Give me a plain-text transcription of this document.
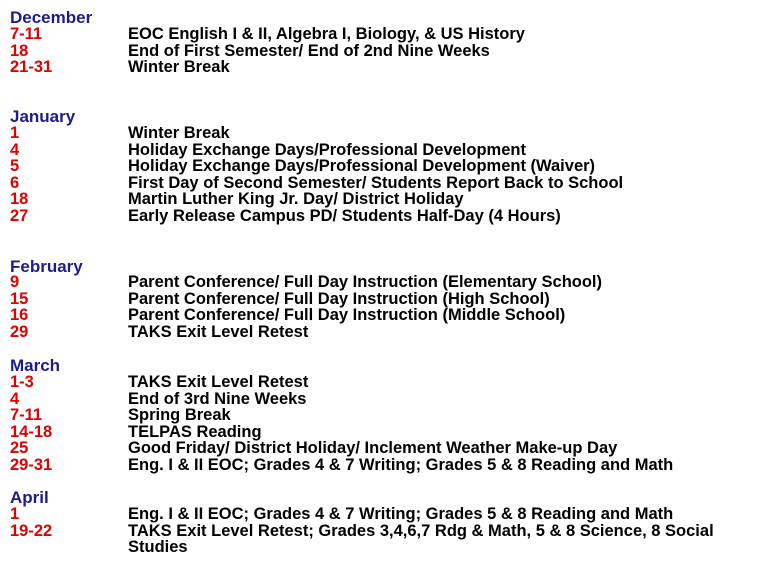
December
7-11	EOC English I & II, Algebra I, Biology, & US History
18	End of First Semester/ End of 2nd Nine Weeks
21-31	Winter Break
January
1	Winter Break
4	Holiday Exchange Days/Professional Development
5	Holiday Exchange Days/Professional Development (Waiver)
6	First Day of Second Semester/ Students Report Back to School
18	Martin Luther King Jr. Day/ District Holiday
27	Early Release Campus PD/ Students Half-Day (4 Hours)
February
9	Parent Conference/ Full Day Instruction (Elementary School)
15	Parent Conference/ Full Day Instruction (High School)
16	Parent Conference/ Full Day Instruction (Middle School)
29	TAKS Exit Level Retest
March
1-3	TAKS Exit Level Retest
4	End of 3rd Nine Weeks
7-11	Spring Break
14-18	TELPAS Reading
25	Good Friday/ District Holiday/ Inclement Weather Make-up Day
29-31	Eng. I & II EOC; Grades 4 & 7 Writing; Grades 5 & 8 Reading and Math
April
1	Eng. I & II EOC; Grades 4 & 7 Writing; Grades 5 & 8 Reading and Math
19-22	TAKS Exit Level Retest; Grades 3,4,6,7 Rdg & Math, 5 & 8 Science, 8 Social
Studies
